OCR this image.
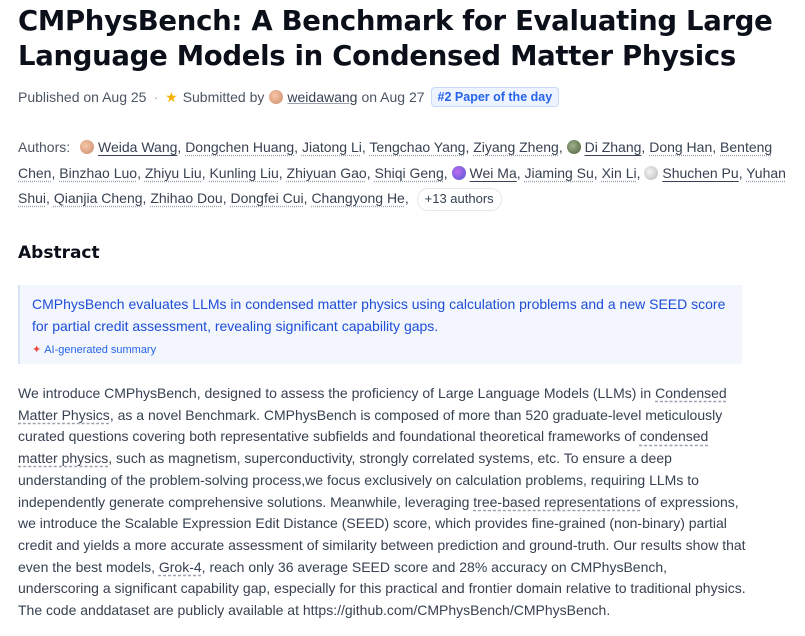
CMPhysBench: A Benchmark for Evaluating Large Language Models in Condensed Matter Physics
Published on Aug 25 · ★ Submitted by weidawang on Aug 27	#2 Paper of the day
Authors: Weida Wang, Dongchen Huang, Jiatong Li, Tengchao Yang, Ziyang Zheng, Di Zhang, Dong Han, Benteng Chen, Binzhao Luo, Zhiyu Liu, Kunling Liu, Zhiyuan Gao, Shiqi Geng, Wei Ma, Jiaming Su, Xin Li, Shuchen Pu, Yuhan Shui, Qianjia Cheng, Zhihao Dou, Dongfei Cui, Changyong He, +13 authors
Abstract
CMPhysBench evaluates LLMs in condensed matter physics using calculation problems and a new SEED score for partial credit assessment, revealing significant capability gaps.
✦ AI-generated summary
We introduce CMPhysBench, designed to assess the proficiency of Large Language Models (LLMs) in Condensed Matter Physics, as a novel Benchmark. CMPhysBench is composed of more than 520 graduate-level meticulously curated questions covering both representative subfields and foundational theoretical frameworks of condensed matter physics, such as magnetism, superconductivity, strongly correlated systems, etc. To ensure a deep understanding of the problem-solving process,we focus exclusively on calculation problems, requiring LLMs to independently generate comprehensive solutions. Meanwhile, leveraging tree-based representations of expressions, we introduce the Scalable Expression Edit Distance (SEED) score, which provides fine-grained (non-binary) partial credit and yields a more accurate assessment of similarity between prediction and ground-truth. Our results show that even the best models, Grok-4, reach only 36 average SEED score and 28% accuracy on CMPhysBench, underscoring a significant capability gap, especially for this practical and frontier domain relative to traditional physics. The code anddataset are publicly available at https://github.com/CMPhysBench/CMPhysBench.
